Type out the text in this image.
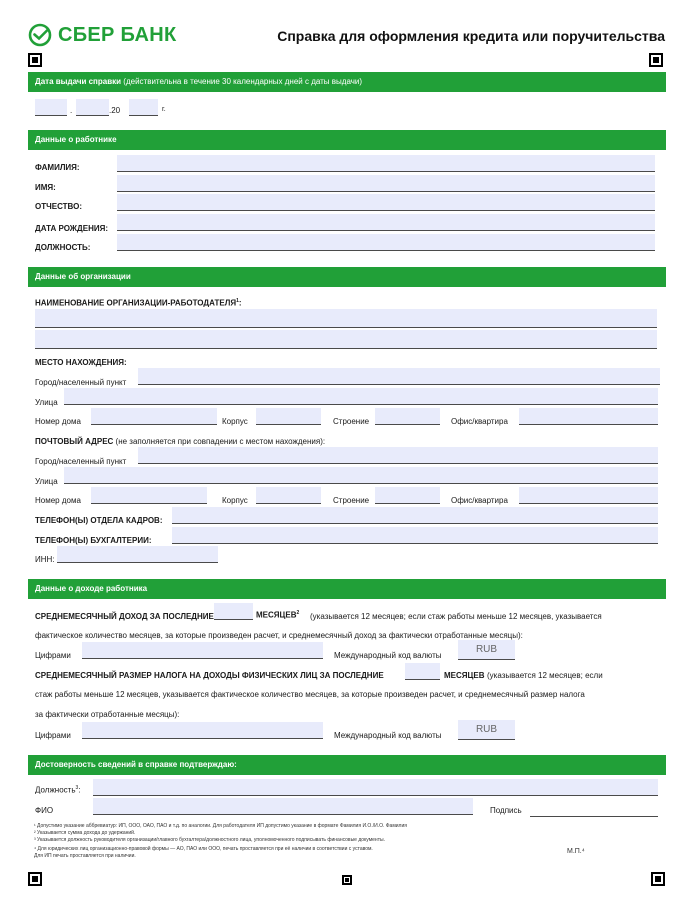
СБЕР БАНК	Справка для оформления кредита или поручительства
Дата выдачи справки (действительна в течение 30 календарных дней с даты выдачи)
.	.20	г.
Данные о работнике
ФАМИЛИЯ:
ИМЯ:
ОТЧЕСТВО:
ДАТА РОЖДЕНИЯ:
ДОЛЖНОСТЬ:
Данные об организации
НАИМЕНОВАНИЕ ОРГАНИЗАЦИИ-РАБОТОДАТЕЛЯ$^1$:
МЕСТО НАХОЖДЕНИЯ:
Город/населенный пункт
Улица
Номер дома	Корпус	Строение	Офис/квартира
ПОЧТОВЫЙ АДРЕС (не заполняется при совпадении с местом нахождения):
Город/населенный пункт
Улица
Номер дома	Корпус	Строение	Офис/квартира
ТЕЛЕФОН(Ы) ОТДЕЛА КАДРОВ:
ТЕЛЕФОН(Ы) БУХГАЛТЕРИИ:
ИНН:
Данные о доходе работника
СРЕДНЕМЕСЯЧНЫЙ ДОХОД ЗА ПОСЛЕДНИЕ	МЕСЯЦЕВ$^2$ (указывается 12 месяцев; если стаж работы меньше 12 месяцев, указывается
фактическое количество месяцев, за которые произведен расчет, и среднемесячный доход за фактически отработанные месяцы):
Цифрами	Международный код валюты
RUB
СРЕДНЕМЕСЯЧНЫЙ РАЗМЕР НАЛОГА НА ДОХОДЫ ФИЗИЧЕСКИХ ЛИЦ ЗА ПОСЛЕДНИЕ	МЕСЯЦЕВ (указывается 12 месяцев; если
стаж работы меньше 12 месяцев, указывается фактическое количество месяцев, за которые произведен расчет, и среднемесячный размер налога
за фактически отработанные месяцы):
Цифрами	Международный код валюты
RUB
Достоверность сведений в справке подтверждаю:
Должность$^3$:
ФИО	Подпись
¹ Допустимо указание аббревиатур: ИП, ООО, ОАО, ПАО и т.д. по аналогии. Для работодателя ИП допустимо указание в формате Фамилия И.О./И.О. Фамилия
² Указывается сумма дохода до удержаний.
³ Указывается должность руководителя организации/главного бухгалтера/должностного лица, уполномоченного подписывать финансовые документы.
⁴ Для юридических лиц организационно-правовой формы — АО, ПАО или ООО, печать проставляется при её наличии в соответствии с уставом.
Для ИП печать проставляется при наличии.
М.П.⁴
